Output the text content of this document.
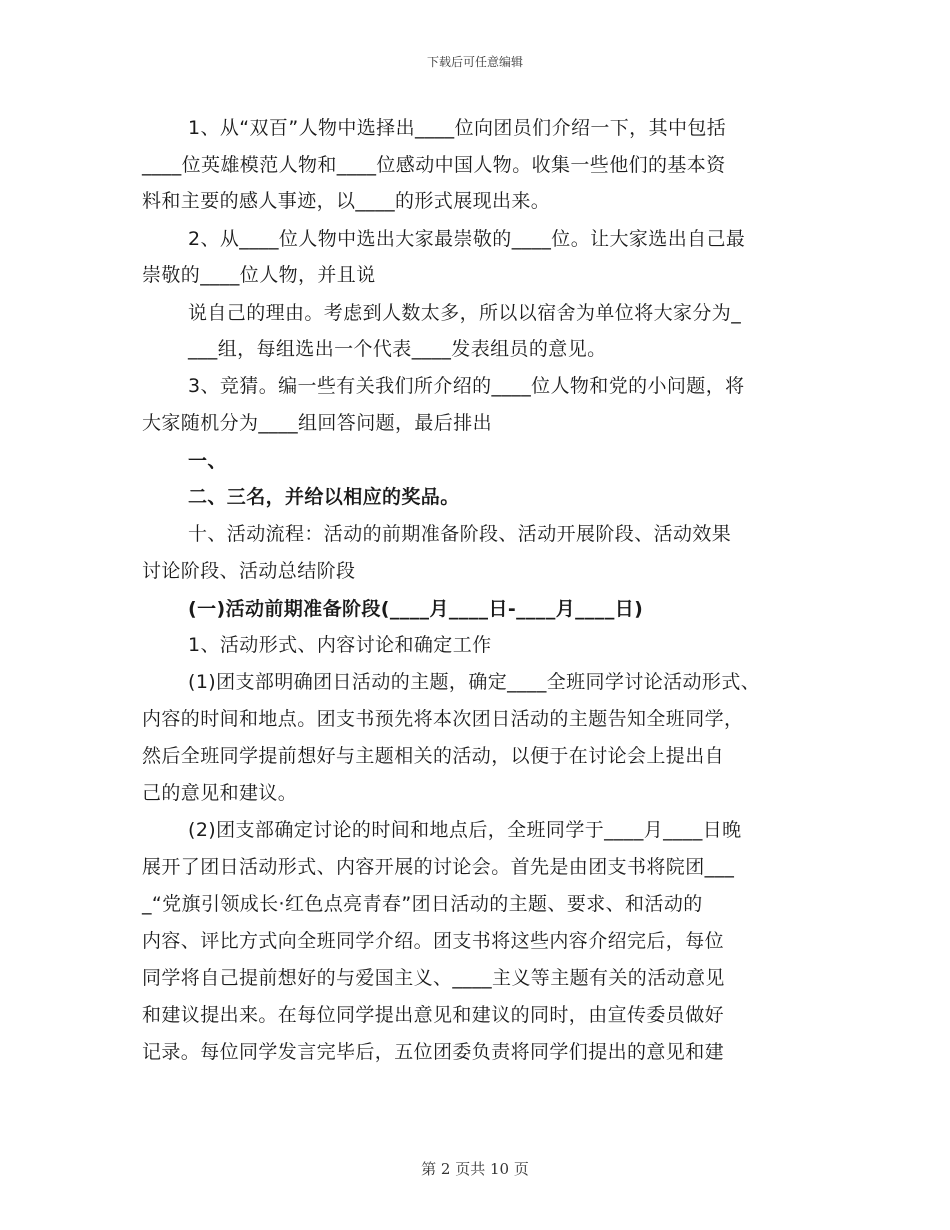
下载后可任意编辑
1、从“双百”人物中选择出____位向团员们介绍一下，其中包括
____位英雄模范人物和____位感动中国人物。收集一些他们的基本资
料和主要的感人事迹，以____的形式展现出来。
2、从____位人物中选出大家最崇敬的____位。让大家选出自己最
崇敬的____位人物，并且说
说自己的理由。考虑到人数太多，所以以宿舍为单位将大家分为_
___组，每组选出一个代表____发表组员的意见。
3、竞猜。编一些有关我们所介绍的____位人物和党的小问题，将
大家随机分为____组回答问题，最后排出
一、
二、三名，并给以相应的奖品。
十、活动流程：活动的前期准备阶段、活动开展阶段、活动效果
讨论阶段、活动总结阶段
(一)活动前期准备阶段(____月____日-____月____日)
1、活动形式、内容讨论和确定工作
(1)团支部明确团日活动的主题，确定____全班同学讨论活动形式、
内容的时间和地点。团支书预先将本次团日活动的主题告知全班同学，
然后全班同学提前想好与主题相关的活动，以便于在讨论会上提出自
己的意见和建议。
(2)团支部确定讨论的时间和地点后，全班同学于____月____日晚
展开了团日活动形式、内容开展的讨论会。首先是由团支书将院团___
_“党旗引领成长·红色点亮青春”团日活动的主题、要求、和活动的
内容、评比方式向全班同学介绍。团支书将这些内容介绍完后，每位
同学将自己提前想好的与爱国主义、____主义等主题有关的活动意见
和建议提出来。在每位同学提出意见和建议的同时，由宣传委员做好
记录。每位同学发言完毕后，五位团委负责将同学们提出的意见和建
第 2 页共 10 页
